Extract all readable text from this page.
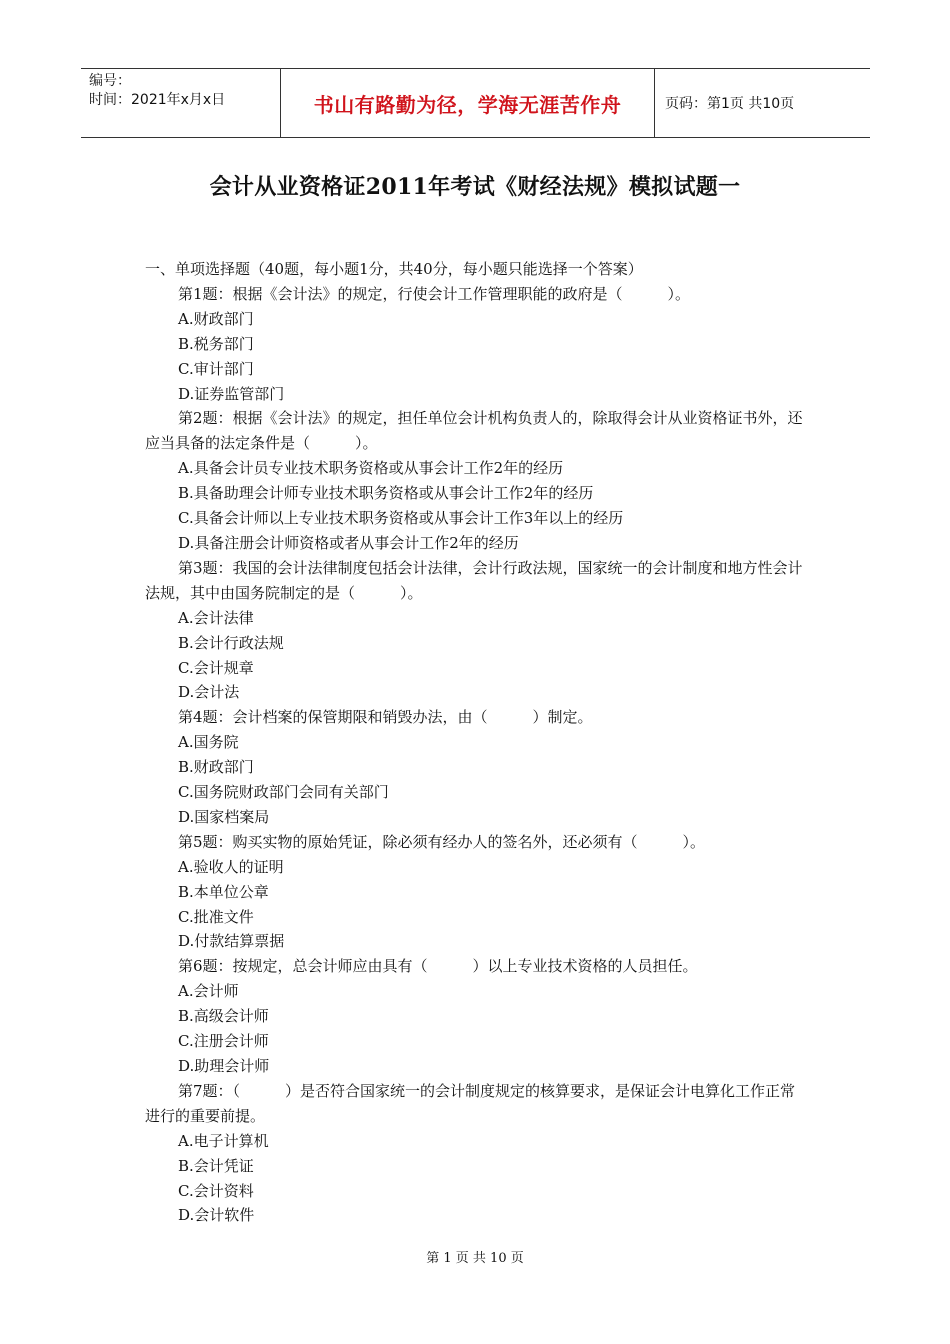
编号：
时间：2021年x月x日	书山有路勤为径，学海无涯苦作舟	页码：第1页 共10页
会计从业资格证2011年考试《财经法规》模拟试题一

一、单项选择题（40题，每小题1分，共40分，每小题只能选择一个答案）

第1题：根据《会计法》的规定，行使会计工作管理职能的政府是（　　　）。

A.财政部门

B.税务部门

C.审计部门

D.证券监管部门

第2题：根据《会计法》的规定，担任单位会计机构负责人的，除取得会计从业资格证书外，还应当具备的法定条件是（　　　）。

A.具备会计员专业技术职务资格或从事会计工作2年的经历

B.具备助理会计师专业技术职务资格或从事会计工作2年的经历

C.具备会计师以上专业技术职务资格或从事会计工作3年以上的经历

D.具备注册会计师资格或者从事会计工作2年的经历

第3题：我国的会计法律制度包括会计法律，会计行政法规，国家统一的会计制度和地方性会计法规，其中由国务院制定的是（　　　）。

A.会计法律

B.会计行政法规

C.会计规章

D.会计法

第4题：会计档案的保管期限和销毁办法，由（　　　）制定。

A.国务院

B.财政部门

C.国务院财政部门会同有关部门

D.国家档案局

第5题：购买实物的原始凭证，除必须有经办人的签名外，还必须有（　　　）。

A.验收人的证明

B.本单位公章

C.批准文件

D.付款结算票据

第6题：按规定，总会计师应由具有（　　　）以上专业技术资格的人员担任。

A.会计师

B.高级会计师

C.注册会计师

D.助理会计师

第7题：（　　　）是否符合国家统一的会计制度规定的核算要求，是保证会计电算化工作正常进行的重要前提。

A.电子计算机

B.会计凭证

C.会计资料

D.会计软件

第 1 页 共 10 页
